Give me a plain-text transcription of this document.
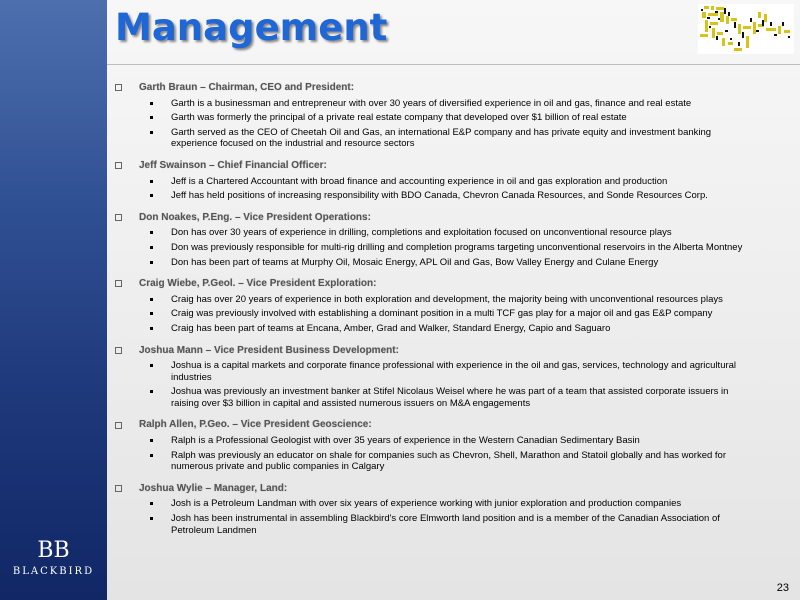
Management
Garth Braun – Chairman, CEO and President:
Garth is a businessman and entrepreneur with over 30 years of diversified experience in oil and gas, finance and real estate
Garth was formerly the principal of a private real estate company that developed over $1 billion of real estate
Garth served as the CEO of Cheetah Oil and Gas, an international E&P company and has private equity and investment banking experience focused on the industrial and resource sectors
Jeff Swainson – Chief Financial Officer:
Jeff is a Chartered Accountant with broad finance and accounting experience in oil and gas exploration and production
Jeff has held positions of increasing responsibility with BDO Canada, Chevron Canada Resources, and Sonde Resources Corp.
Don Noakes, P.Eng. – Vice President Operations:
Don has over 30 years of experience in drilling, completions and exploitation focused on unconventional resource plays
Don was previously responsible for multi-rig drilling and completion programs targeting unconventional reservoirs in the Alberta Montney
Don has been part of teams at Murphy Oil, Mosaic Energy, APL Oil and Gas, Bow Valley Energy and Culane Energy
Craig Wiebe, P.Geol. – Vice President Exploration:
Craig has over 20 years of experience in both exploration and development, the majority being with unconventional resources plays
Craig was previously involved with establishing a dominant position in a multi TCF gas play for a major oil and gas E&P company
Craig has been part of teams at Encana, Amber, Grad and Walker, Standard Energy, Capio and Saguaro
Joshua Mann – Vice President Business Development:
Joshua is a capital markets and corporate finance professional with experience in the oil and gas, services, technology and agricultural industries
Joshua was previously an investment banker at Stifel Nicolaus Weisel where he was part of a team that assisted corporate issuers in raising over $3 billion in capital and assisted numerous issuers on M&A engagements
Ralph Allen, P.Geo. – Vice President Geoscience:
Ralph is a Professional Geologist with over 35 years of experience in the Western Canadian Sedimentary Basin
Ralph was previously an educator on shale for companies such as Chevron, Shell, Marathon and Statoil globally and has worked for numerous private and public companies in Calgary
Joshua Wylie – Manager, Land:
Josh is a Petroleum Landman with over six years of experience working with junior exploration and production companies
Josh has been instrumental in assembling Blackbird's core Elmworth land position and is a member of the Canadian Association of Petroleum Landmen
BB
BLACKBIRD
23
